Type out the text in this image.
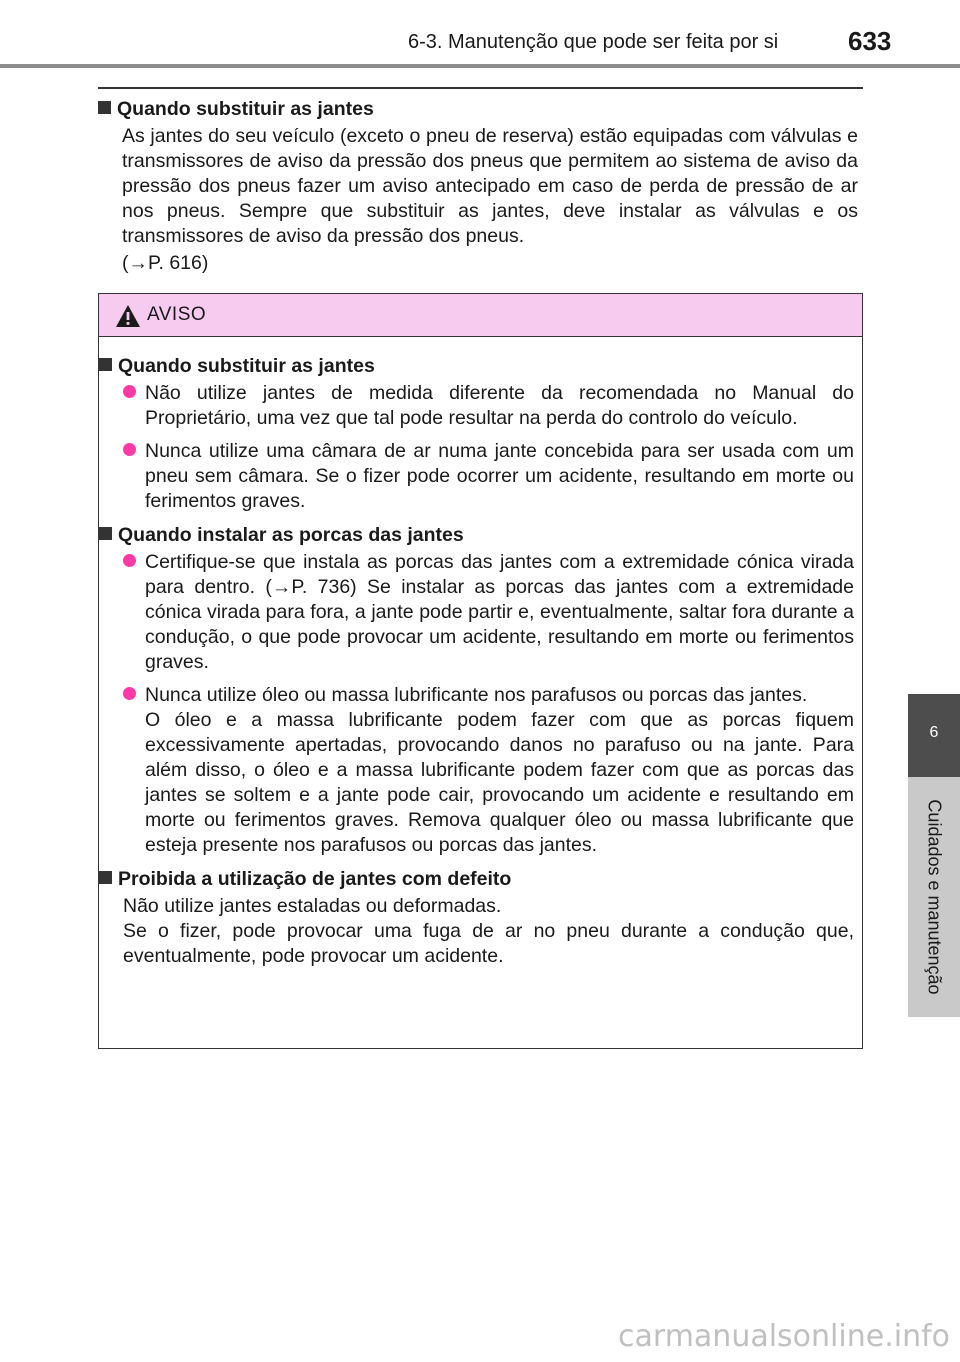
6-3. Manutenção que pode ser feita por si	633
6
Cuidados e manutenção
Quando substituir as jantes
As jantes do seu veículo (exceto o pneu de reserva) estão equipadas com válvulas e transmissores de aviso da pressão dos pneus que permitem ao sistema de aviso da pressão dos pneus fazer um aviso antecipado em caso de perda de pressão de ar nos pneus. Sempre que substituir as jantes, deve instalar as válvulas e os transmissores de aviso da pressão dos pneus.
(→P. 616)
AVISO
Quando substituir as jantes
Não utilize jantes de medida diferente da recomendada no Manual do Proprietário, uma vez que tal pode resultar na perda do controlo do veículo.
Nunca utilize uma câmara de ar numa jante concebida para ser usada com um pneu sem câmara. Se o fizer pode ocorrer um acidente, resultando em morte ou ferimentos graves.
Quando instalar as porcas das jantes
Certifique-se que instala as porcas das jantes com a extremidade cónica virada para dentro. (→P. 736) Se instalar as porcas das jantes com a extremidade cónica virada para fora, a jante pode partir e, eventualmente, saltar fora durante a condução, o que pode provocar um acidente, resultando em morte ou ferimentos graves.
Nunca utilize óleo ou massa lubrificante nos parafusos ou porcas das jantes.
O óleo e a massa lubrificante podem fazer com que as porcas fiquem excessivamente apertadas, provocando danos no parafuso ou na jante. Para além disso, o óleo e a massa lubrificante podem fazer com que as porcas das jantes se soltem e a jante pode cair, provocando um acidente e resultando em morte ou ferimentos graves. Remova qualquer óleo ou massa lubrificante que esteja presente nos parafusos ou porcas das jantes.
Proibida a utilização de jantes com defeito
Não utilize jantes estaladas ou deformadas.
Se o fizer, pode provocar uma fuga de ar no pneu durante a condução que, eventualmente, pode provocar um acidente.
carmanualsonline.info
